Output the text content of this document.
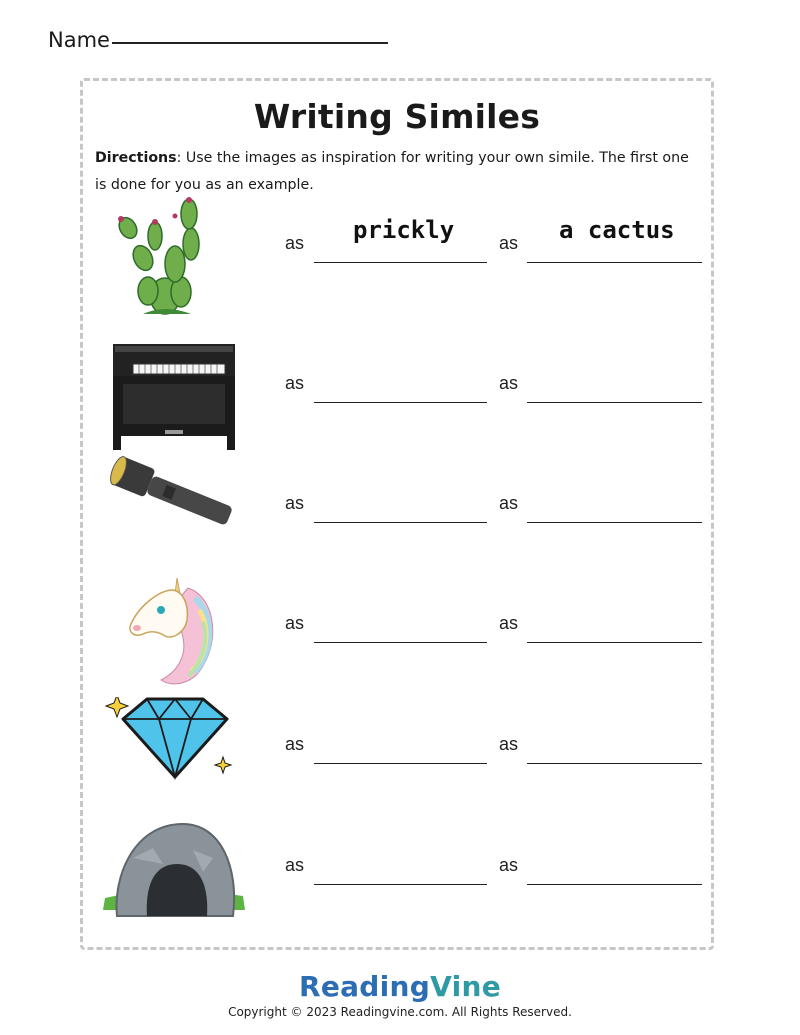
Name
Writing Similes
Directions: Use the images as inspiration for writing your own simile. The first one is done for you as an example.
as prickly as a cactus
as	as
as	as
as	as
as	as
as	as
ReadingVine
Copyright © 2023 Readingvine.com. All Rights Reserved.
